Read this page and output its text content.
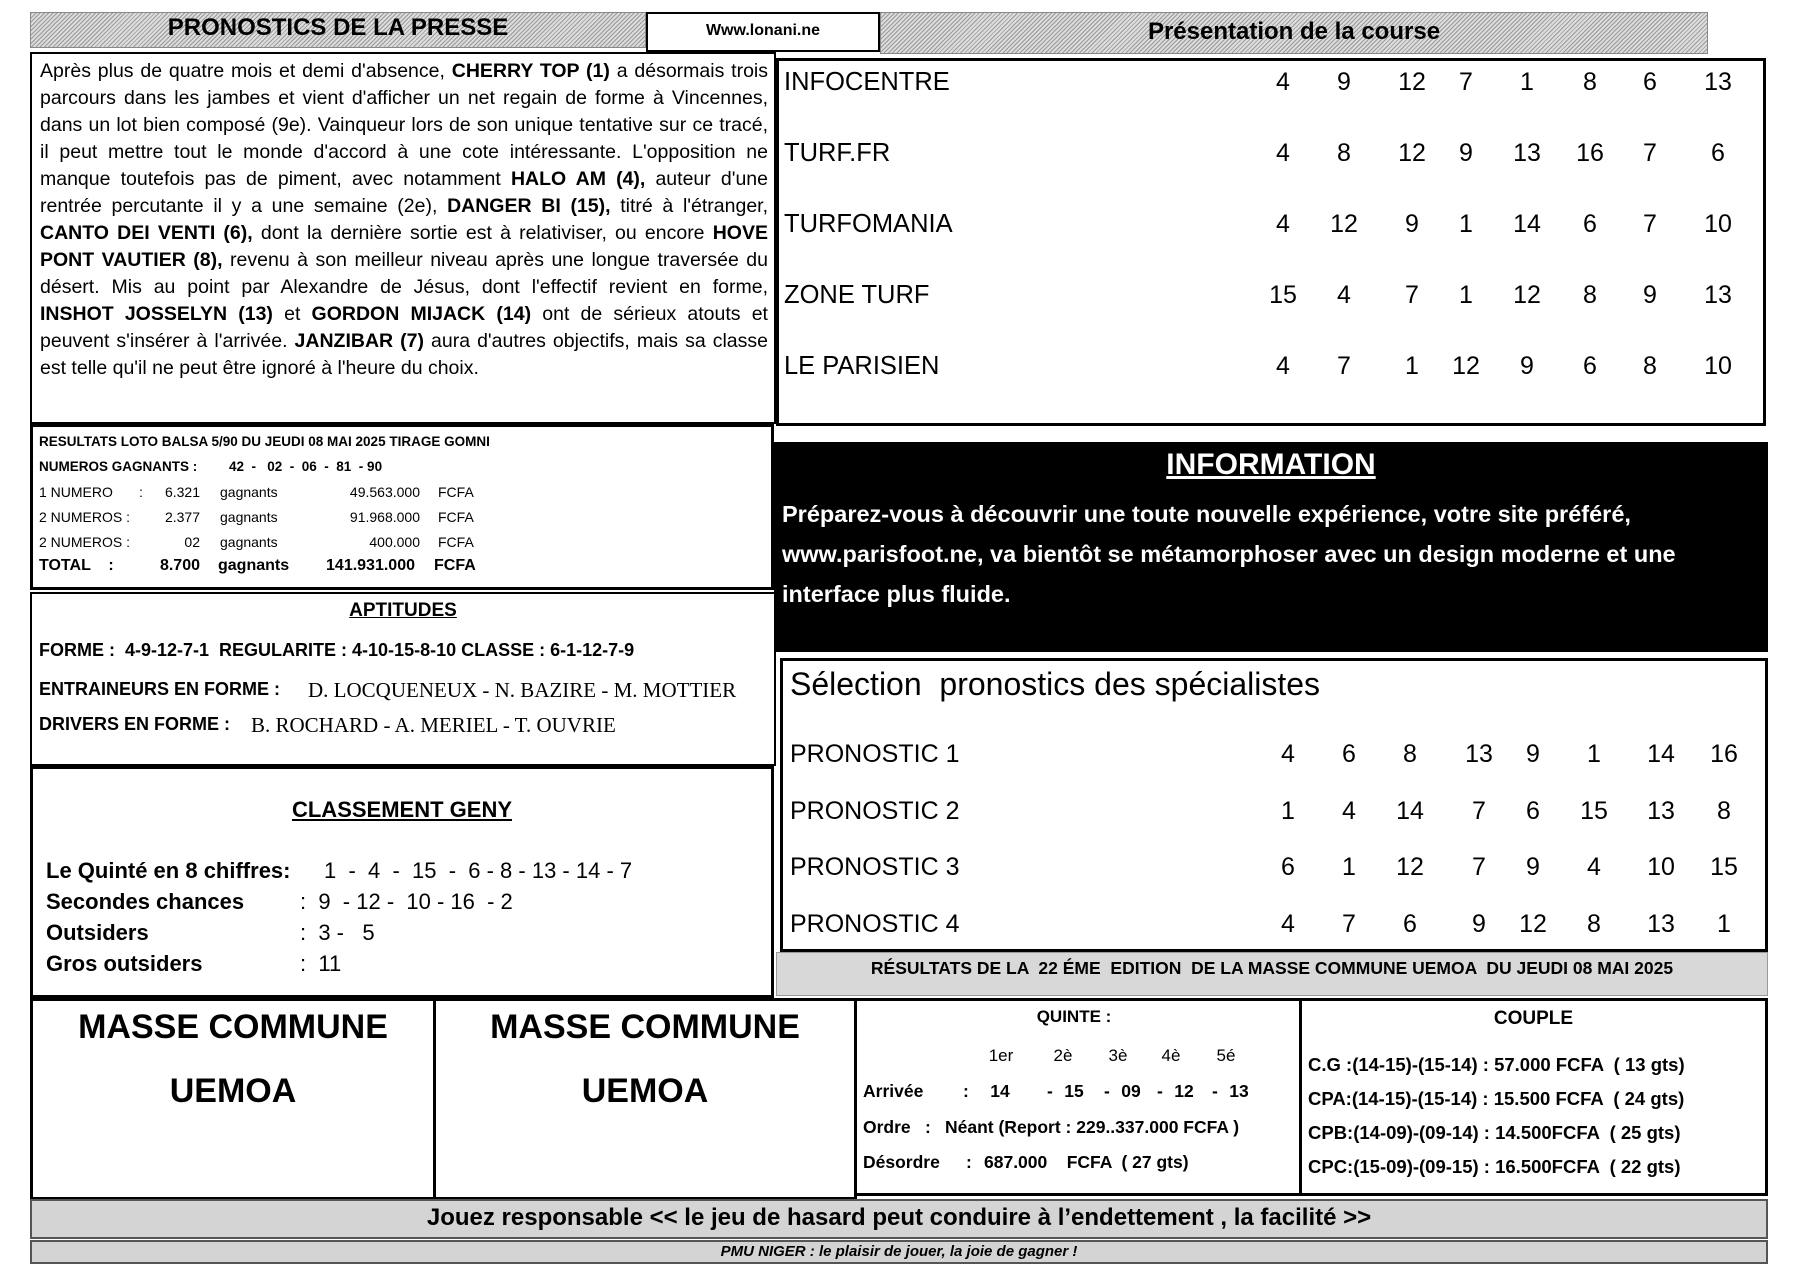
PRONOSTICS DE LA PRESSE	Www.lonani.ne	Présentation de la course
Après plus de quatre mois et demi d'absence, CHERRY TOP (1) a désormais trois parcours dans les jambes et vient d'afficher un net regain de forme à Vincennes, dans un lot bien composé (9e). Vainqueur lors de son unique tentative sur ce tracé, il peut mettre tout le monde d'accord à une cote intéressante. L'opposition ne manque toutefois pas de piment, avec notamment HALO AM (4), auteur d'une rentrée percutante il y a une semaine (2e), DANGER BI (15), titré à l'étranger, CANTO DEI VENTI (6), dont la dernière sortie est à relativiser, ou encore HOVE PONT VAUTIER (8), revenu à son meilleur niveau après une longue traversée du désert. Mis au point par Alexandre de Jésus, dont l'effectif revient en forme, INSHOT JOSSELYN (13) et GORDON MIJACK (14) ont de sérieux atouts et peuvent s'insérer à l'arrivée. JANZIBAR (7) aura d'autres objectifs, mais sa classe est telle qu'il ne peut être ignoré à l'heure du choix.
INFOCENTRE	4	9	12	7	1	8	6	13
TURF.FR	4	8	12	9	13	16	7	6
TURFOMANIA	4	12	9	1	14	6	7	10
ZONE TURF	15	4	7	1	12	8	9	13
LE PARISIEN	4	7	1	12	9	6	8	10
RESULTATS LOTO BALSA 5/90 DU JEUDI 08 MAI 2025 TIRAGE GOMNI
NUMEROS GAGNANTS : 42  -   02  -  06  -  81  - 90
1 NUMERO :	6.321 gagnants	49.563.000 FCFA
2 NUMEROS :	2.377 gagnants	91.968.000 FCFA
2 NUMEROS :	02 gagnants	400.000 FCFA
TOTAL    :	8.700 gagnants	141.931.000 FCFA
INFORMATION
Préparez-vous à découvrir une toute nouvelle expérience, votre site préféré, www.parisfoot.ne, va bientôt se métamorphoser avec un design moderne et une interface plus fluide.
APTITUDES
FORME :  4-9-12-7-1  REGULARITE : 4-10-15-8-10 CLASSE : 6-1-12-7-9
ENTRAINEURS EN FORME : D. LOCQUENEUX - N. BAZIRE - M. MOTTIER
DRIVERS EN FORME : B. ROCHARD - A. MERIEL - T. OUVRIE
CLASSEMENT GENY
Le Quinté en 8 chiffres: 1  -  4  -  15  -  6 - 8 - 13 - 14 - 7
Secondes chances	:  9  - 12 -  10 - 16  - 2
Outsiders	:  3 -   5
Gros outsiders	:  11
Sélection  pronostics des spécialistes
PRONOSTIC 1	4	6	8	13	9	1	14	16
PRONOSTIC 2	1	4	14	7	6	15	13	8
PRONOSTIC 3	6	1	12	7	9	4	10	15
PRONOSTIC 4	4	7	6	9	12	8	13	1
RÉSULTATS DE LA  22 ÉME  EDITION  DE LA MASSE COMMUNE UEMOA  DU JEUDI 08 MAI 2025
MASSE COMMUNE
UEMOA
MASSE COMMUNE
UEMOA
QUINTE :
1er	2è	3è	4è	5é
Arrivée :	14	- 15	- 09 - 12	- 13
Ordre : Néant (Report : 229..337.000 FCFA )
Désordre : 687.000    FCFA  ( 27 gts)
COUPLE
C.G :(14-15)-(15-14) : 57.000 FCFA  ( 13 gts)
CPA:(14-15)-(15-14) : 15.500 FCFA  ( 24 gts)
CPB:(14-09)-(09-14) : 14.500FCFA  ( 25 gts)
CPC:(15-09)-(09-15) : 16.500FCFA  ( 22 gts)
Jouez responsable << le jeu de hasard peut conduire à l’endettement , la facilité >>
PMU NIGER : le plaisir de jouer, la joie de gagner !
